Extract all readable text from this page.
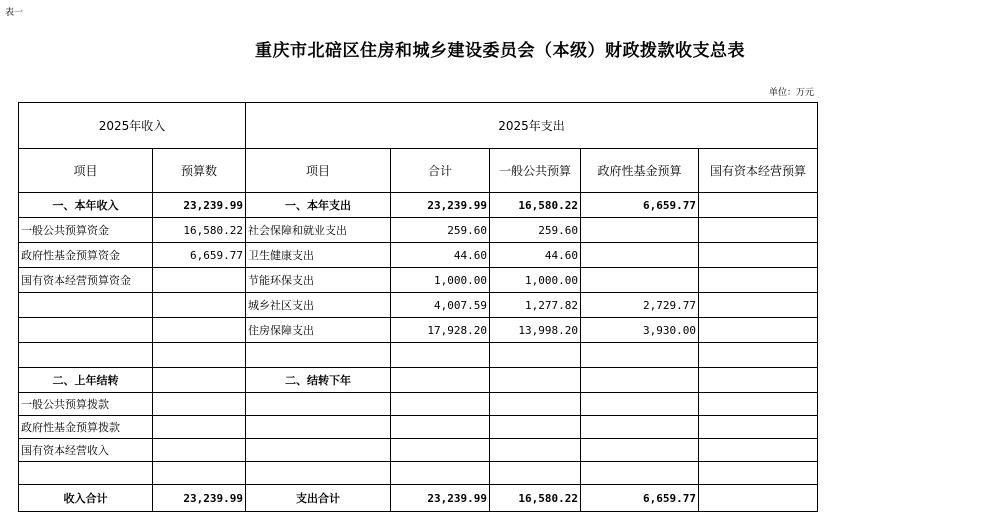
表一
重庆市北碚区住房和城乡建设委员会（本级）财政拨款收支总表
单位：万元
2025年收入		2025年支出				
项目	预算数	项目	合计	一般公共预算	政府性基金预算	国有资本经营预算
一、本年收入	23,239.99	一、本年支出	23,239.99	16,580.22	6,659.77	
一般公共预算资金	16,580.22	社会保障和就业支出	259.60	259.60		
政府性基金预算资金	6,659.77	卫生健康支出	44.60	44.60		
国有资本经营预算资金		节能环保支出	1,000.00	1,000.00		
		城乡社区支出	4,007.59	1,277.82	2,729.77	
		住房保障支出	17,928.20	13,998.20	3,930.00	

二、上年结转		二、结转下年				
一般公共预算拨款						
政府性基金预算拨款						
国有资本经营收入						

收入合计	23,239.99	支出合计	23,239.99	16,580.22	6,659.77	
